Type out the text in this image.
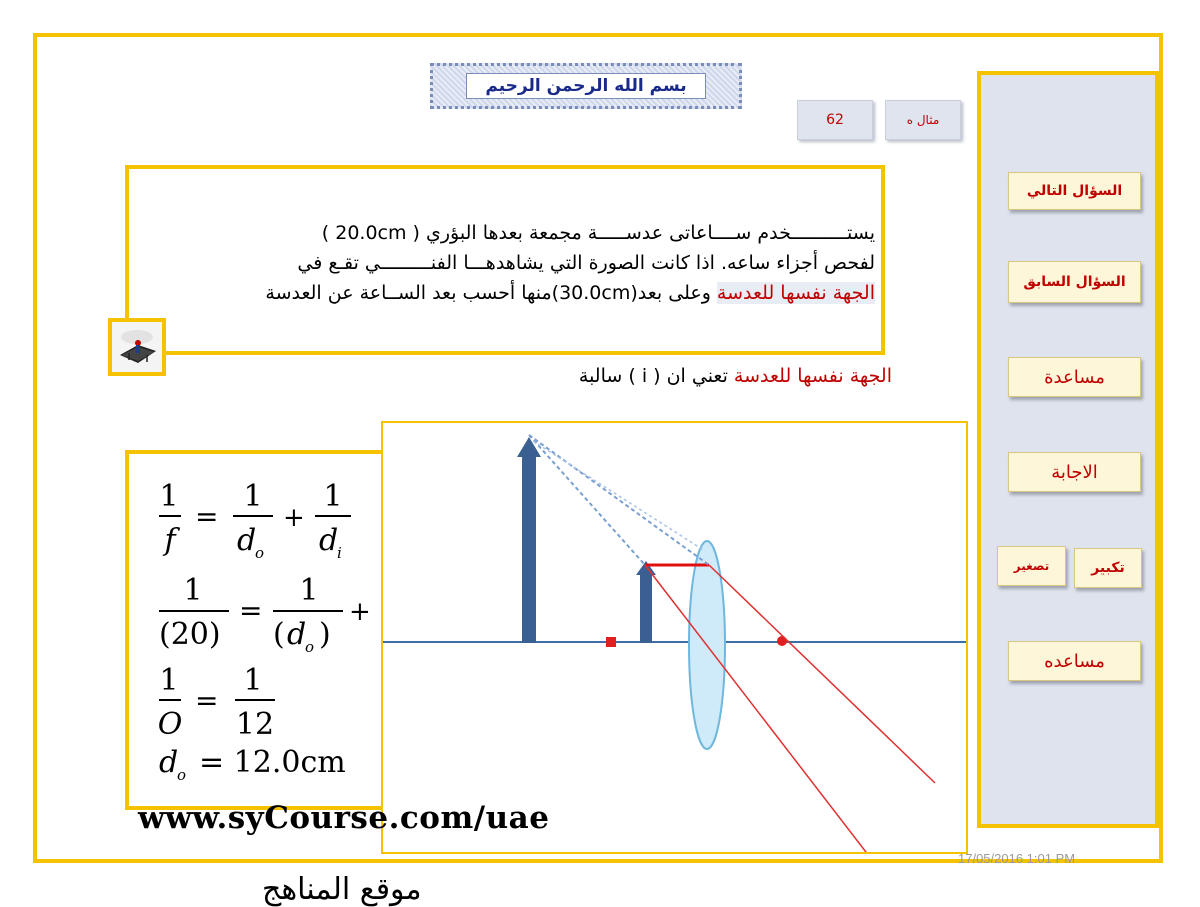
بسم الله الرحمن الرحيم
62	مثال ه
يستــــــــــخدم ســــاعاتى عدســـــة مجمعة بعدها البؤري ( 20.0cm )
لفحص أجزاء ساعه. اذا كانت الصورة التي يشاهدهـــا الفنـــــــــي تقـع في
الجهة نفسها للعدسة وعلى بعد(30.0cm)منها أحسب بعد الســاعة عن العدسة
الجهة نفسها للعدسة تعني ان ( i ) سالبة
1
f
=
1
d
o
+
1
d
i
1
(20)
=
1
( d
o )
+
1
O
=
1
12
d
o = 12.0cm
السؤال التالي
السؤال السابق
مساعدة
الاجابة
تصغير	تكبير
مساعده
www.syCourse.com/uae
17/05/2016 1:01 PM
موقع المناهج
